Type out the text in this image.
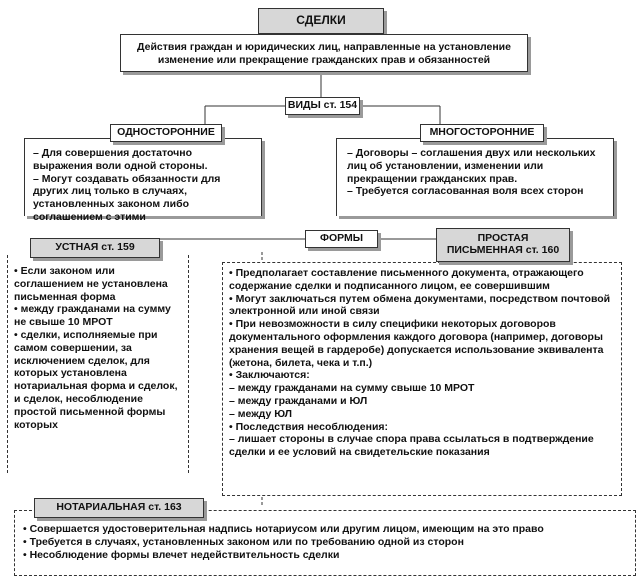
СДЕЛКИ
Действия граждан и юридических лиц, направленные на установление
изменение или прекращение гражданских прав и обязанностей
ВИДЫ ст. 154

– Для совершения достаточно выражения воли одной стороны.

– Могут создавать обязанности для других лиц только в случаях, установленных законом либо соглашением с этими

ОДНОСТОРОННИЕ

– Договоры – соглашения двух или нескольких лиц об установлении, изменении или прекращении гражданских прав.

– Требуется согласованная воля всех сторон

МНОГОСТОРОННИЕ
ФОРМЫ

• Если законом или соглашением не установлена письменная форма

• между гражданами на сумму не свыше 10 МРОТ

• сделки, исполняемые при самом совершении, за исключением сделок, для которых установлена нотариальная форма и сделок, и сделок, несоблюдение простой письменной формы которых

УСТНАЯ ст. 159

• Предполагает составление письменного документа, отражающего содержание сделки и подписанного лицом, ее совершившим

• Могут заключаться путем обмена документами, посредством почтовой электронной или иной связи

• При невозможности в силу специфики некоторых договоров документального оформления каждого договора (например, договоры хранения вещей в гардеробе) допускается использование эквивалента (жетона, билета, чека и т.п.)

• Заключаются:

– между гражданами на сумму свыше 10 МРОТ

– между гражданами и ЮЛ

– между ЮЛ

• Последствия несоблюдения:

– лишает стороны в случае спора права ссылаться в подтверждение сделки и ее условий на свидетельские показания

ПРОСТАЯ
ПИСЬМЕННАЯ ст. 160

• Совершается удостоверительная надпись нотариусом или другим лицом, имеющим на это право

• Требуется в случаях, установленных законом или по требованию одной из сторон

• Несоблюдение формы влечет недействительность сделки

НОТАРИАЛЬНАЯ ст. 163
